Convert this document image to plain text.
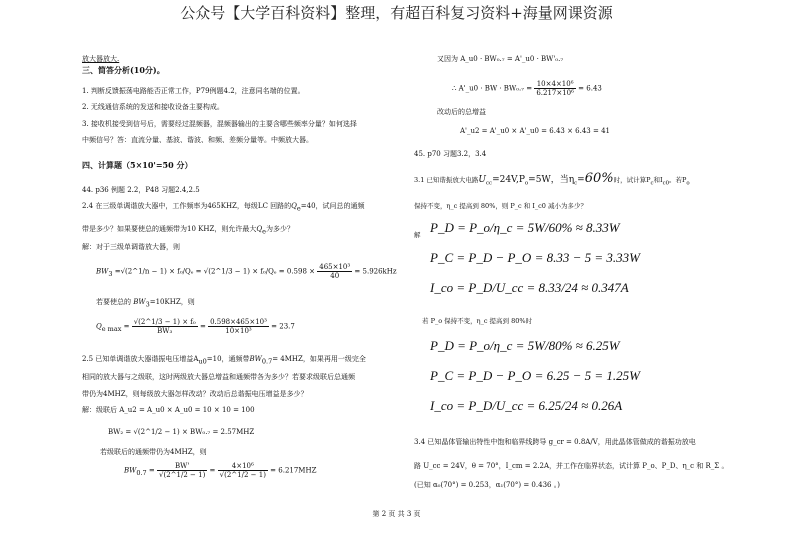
公众号【大学百科资料】整理，有超百科复习资料+海量网课资源
放大器放大.
三、简答分析(10分)。
1. 判断反馈振荡电路能否正常工作，P79例题4.2，注意同名端的位置。
2. 无线通信系统的发送和接收设备主要构成。
3. 接收机接受到信号后，需要经过混频器，混频器输出的主要含哪些频率分量？如何选择
中频信号？答：直流分量、基波、谐波、和频、差频分量等。中频放大器。
四、计算题（5×10'=50 分）
44. p36 例题 2.2，P48 习题2.4,2.5
2.4 在三级单调谐放大器中，工作频率为465KHZ，每级LC 回路的$Q_e=40$，试问总的通频
带是多少？如果要使总的通频带为10 KHZ，则允许最大$Q_e$为多少？
解：对于三级单调谐放大器，则
$BW_3$ =√(2^1/n − 1) × f₀/Qₑ = √(2^1/3 − $1) \times f_0/Q_e = 0.598 \times \frac{\text{465×10³}}{40} = 5.926kHz$
若要使总的 $BW_3=10KHZ$，则
$Q_{e max} = \frac{\text{√(2\textasciicircum{}1/3 − 1) × f₀}}{\text{BW₃}} = \frac{\text{0.598×465×10³}}{\text{10×10³}} = 23.7$
2.5 已知单调谐放大器谐振电压增益$A_{u0}=10$，通频带$BW_{0.7}= 4MHZ$，如果再用一级完全
相同的放大器与之级联，这时两级放大器总增益和通频带各为多少？若要求级联后总通频
带仍为4MHZ，则每级放大器怎样改动？改动后总谐振电压增益是多少？
解：级联后 A_u2 = A_u0 × A_u0 = 10 × 10 = 100
BW₂ = √(2^1/2 − 1) × BW₀.₇ = 2.57MHZ
若级联后的通频带仍为4MHZ，则
$BW_{0.7} = \frac{BW'}{√(2\^{}1/2 - 1)} = \frac{\text{4×10⁶}}{√(2\^{}1/2 - 1)} = 6.217MHZ$
又因为 A_u0 · BW₀.₇ = A'_u0 · BW'₀.₇
∴ A'_u0 · BW · $BW_0._7 = \frac{\text{10×4×10⁶}}{\text{6.217×10⁶}} = 6.43$
改动后的总增益
A'_u2 = A'_u0 × A'_u0 = 6.43 × 6.43 = 41
45. p70 习题3.2，3.4
3.1 已知谐振放大电路$U_{cc}=24V,P_o=5W$，当$\eta_c=60\%$时，试计算$P_c$和$I_{c0}$。若$P_o$
保持不变，η_c 提高到 80%，则 P_c 和 I_c0 减小为多少？
解 P_D = P_o/η_c = 5W/60% ≈ 8.33W
P_C = P_D − P_O = 8.33 − 5 = 3.33W
I_co = P_D/U_cc = 8.33/24 ≈ 0.347A
若 P_o 保持不变，η_c 提高到 80%时
P_D = P_o/η_c = 5W/80% ≈ 6.25W
P_C = P_D − P_O = 6.25 − 5 = 1.25W
I_co = P_D/U_cc = 6.25/24 ≈ 0.26A
3.4 已知晶体管输出特性中饱和临界线跨导 g_cr = 0.8A/V，用此晶体管做成的谐振功放电
路 U_cc = 24V，θ = 70°，I_cm = 2.2A，并工作在临界状态，试计算 P_o、P_D、η_c 和 R_Σ 。
(已知 α₀(70°) = 0.253，α₁(70°) = 0.436 。)
第 2 页 共 3 页
